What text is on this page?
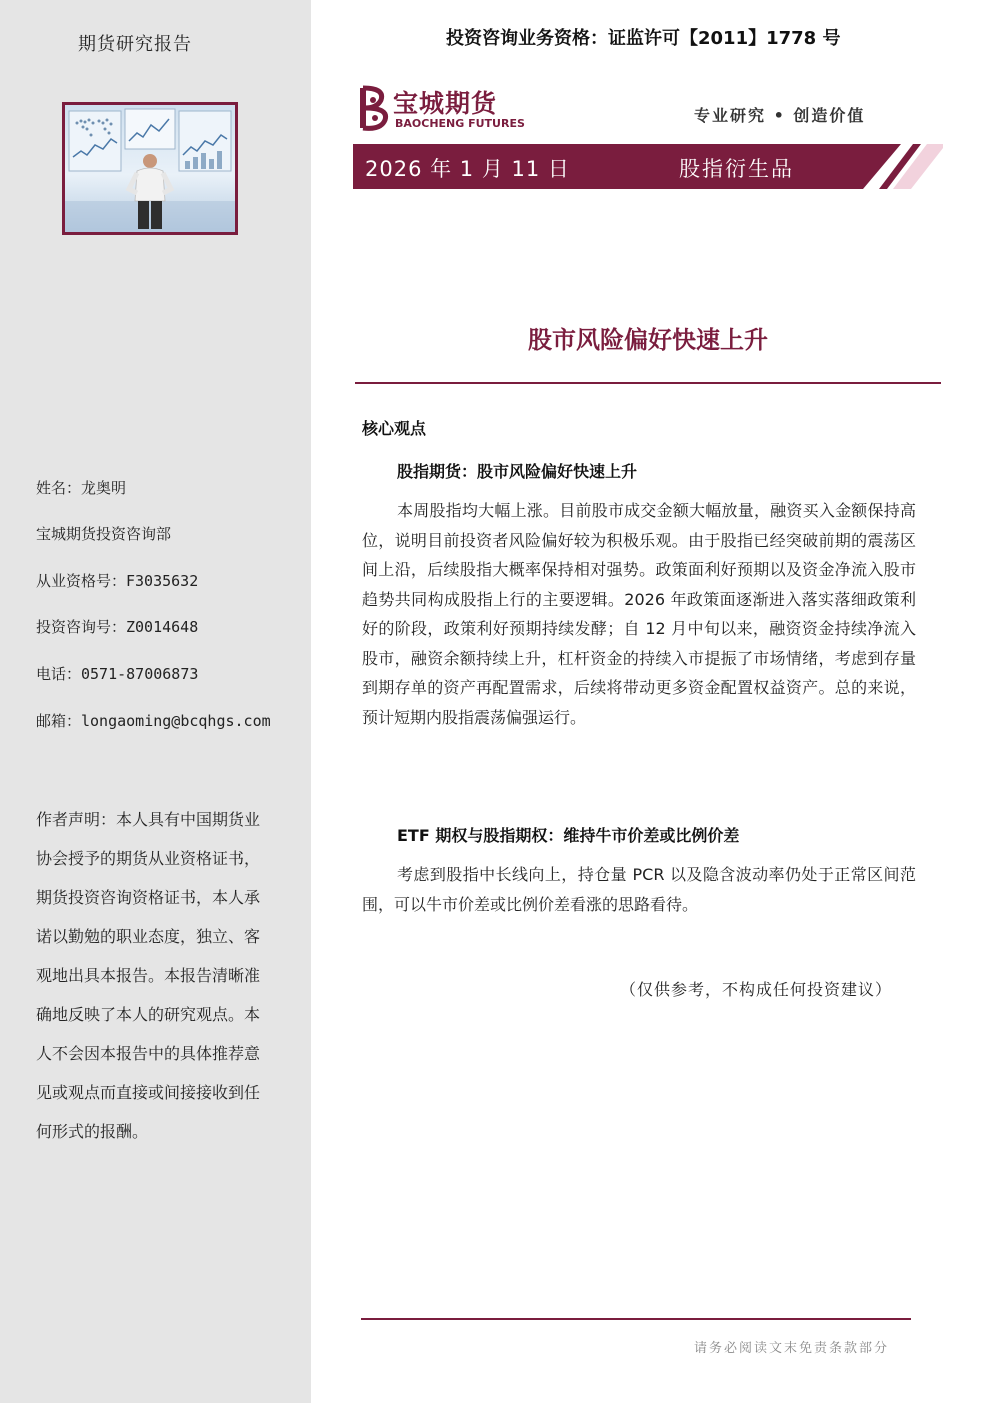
期货研究报告
姓名：龙奥明
宝城期货投资咨询部
从业资格号：F3035632
投资咨询号：Z0014648
电话：0571-87006873
邮箱：longaoming@bcqhgs.com
作者声明：本人具有中国期货业协会授予的期货从业资格证书，期货投资咨询资格证书，本人承诺以勤勉的职业态度，独立、客观地出具本报告。本报告清晰准确地反映了本人的研究观点。本人不会因本报告中的具体推荐意见或观点而直接或间接接收到任何形式的报酬。
投资咨询业务资格：证监许可【2011】1778 号
宝城期货
BAOCHENG FUTURES	专业研究 • 创造价值
2026 年 1 月 11 日	股指衍生品
股市风险偏好快速上升
核心观点
股指期货：股市风险偏好快速上升

本周股指均大幅上涨。目前股市成交金额大幅放量，融资买入金额保持高位，说明目前投资者风险偏好较为积极乐观。由于股指已经突破前期的震荡区间上沿，后续股指大概率保持相对强势。政策面利好预期以及资金净流入股市趋势共同构成股指上行的主要逻辑。2026 年政策面逐渐进入落实落细政策利好的阶段，政策利好预期持续发酵；自 12 月中旬以来，融资资金持续净流入股市，融资余额持续上升，杠杆资金的持续入市提振了市场情绪，考虑到存量到期存单的资产再配置需求，后续将带动更多资金配置权益资产。总的来说，预计短期内股指震荡偏强运行。

ETF 期权与股指期权：维持牛市价差或比例价差

考虑到股指中长线向上，持仓量 PCR 以及隐含波动率仍处于正常区间范围，可以牛市价差或比例价差看涨的思路看待。

（仅供参考，不构成任何投资建议）
请务必阅读文末免责条款部分
